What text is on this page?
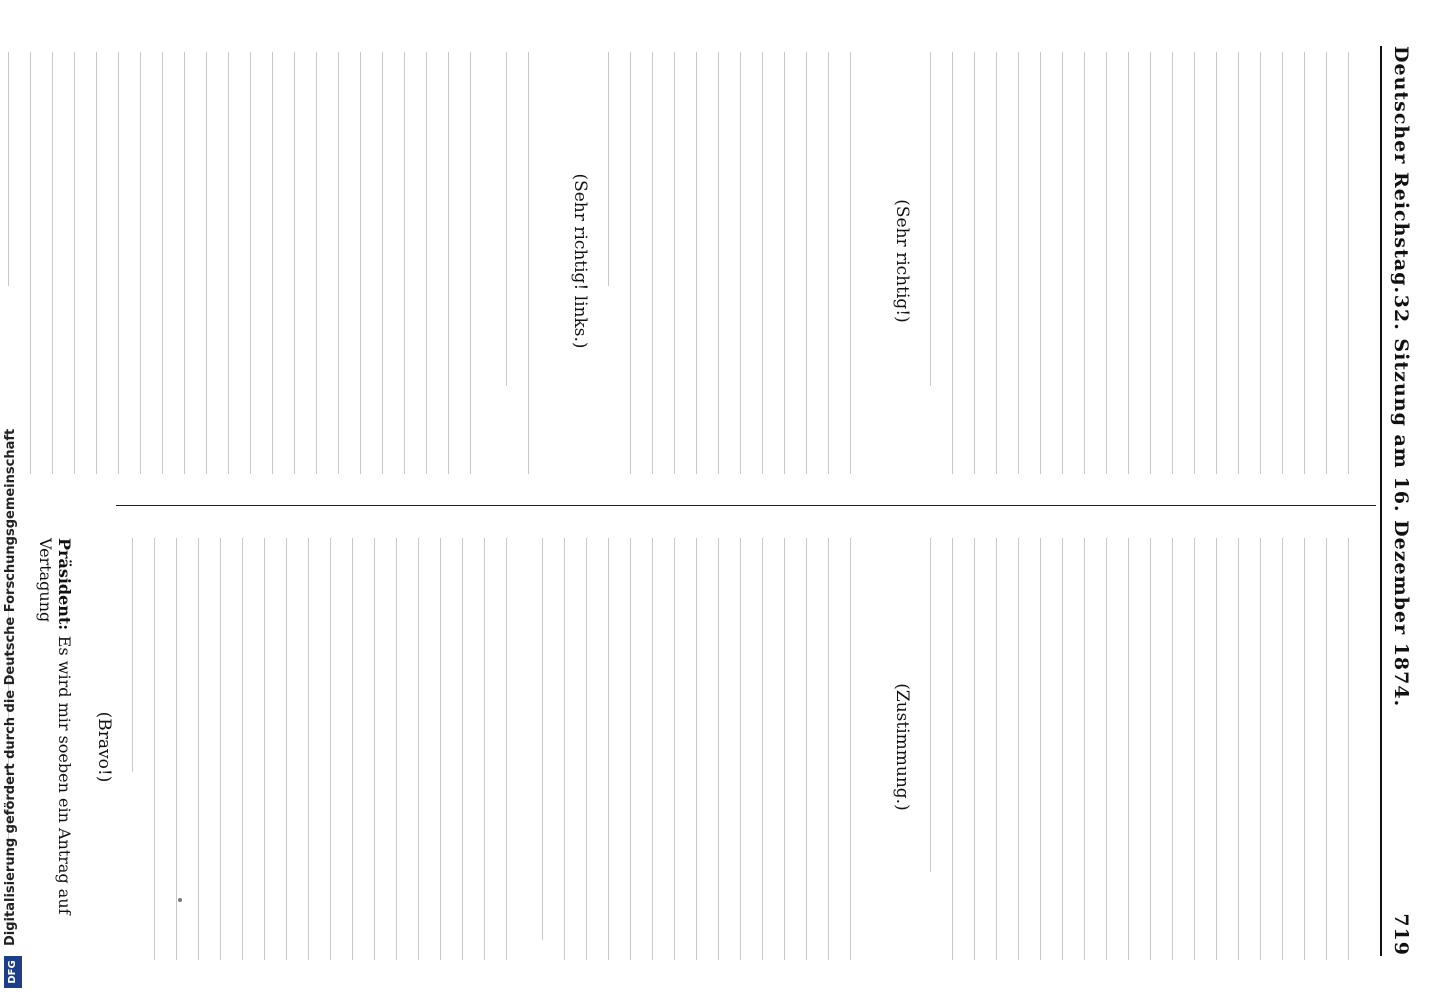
Deutscher Reichstag.
32. Sitzung am 16. Dezember 1874.
719
(Sehr richtig!)
(Sehr richtig! links.)
(Zustimmung.)
(Bravo!)
Präsident: Es wird mir soeben ein Antrag auf Vertagung
DFG
Digitalisierung gefördert durch die Deutsche Forschungsgemeinschaft
